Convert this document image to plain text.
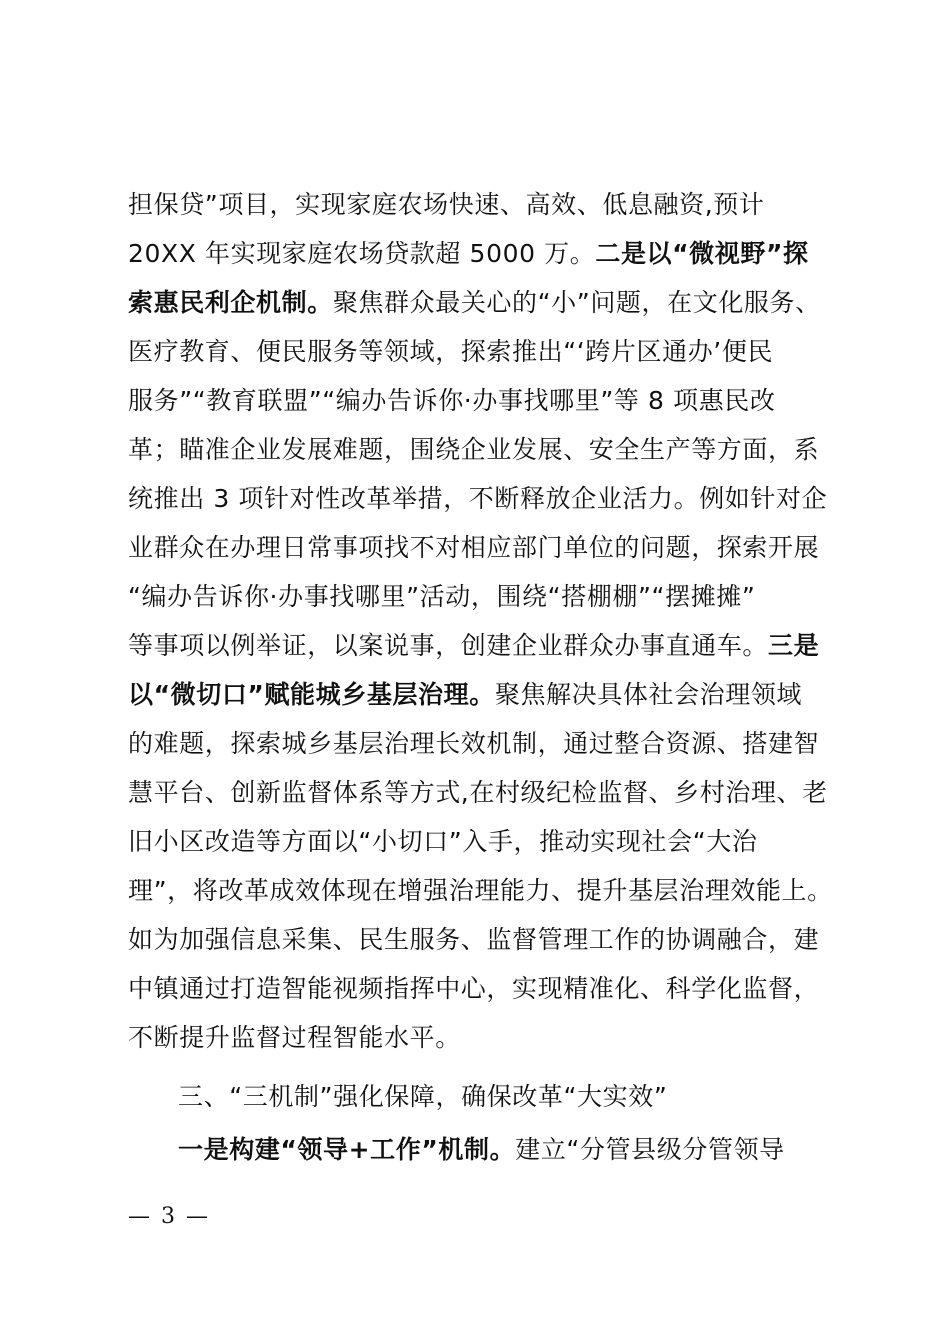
担保贷”项目，实现家庭农场快速、高效、低息融资,预计
20XX 年实现家庭农场贷款超 5000 万。二是以“微视野”探
索惠民利企机制。聚焦群众最关心的“小”问题，在文化服务、
医疗教育、便民服务等领域，探索推出“‘跨片区通办’便民
服务”“教育联盟”“编办告诉你·办事找哪里”等 8 项惠民改
革；瞄准企业发展难题，围绕企业发展、安全生产等方面，系
统推出 3 项针对性改革举措，不断释放企业活力。例如针对企
业群众在办理日常事项找不对相应部门单位的问题，探索开展
“编办告诉你·办事找哪里”活动，围绕“搭棚棚”“摆摊摊”
等事项以例举证，以案说事，创建企业群众办事直通车。三是
以“微切口”赋能城乡基层治理。聚焦解决具体社会治理领域
的难题，探索城乡基层治理长效机制，通过整合资源、搭建智
慧平台、创新监督体系等方式,在村级纪检监督、乡村治理、老
旧小区改造等方面以“小切口”入手，推动实现社会“大治
理”，将改革成效体现在增强治理能力、提升基层治理效能上。
如为加强信息采集、民生服务、监督管理工作的协调融合，建
中镇通过打造智能视频指挥中心，实现精准化、科学化监督，
不断提升监督过程智能水平。
三、“三机制”强化保障，确保改革“大实效”
一是构建“领导+工作”机制。建立“分管县级分管领导
— 3 —
